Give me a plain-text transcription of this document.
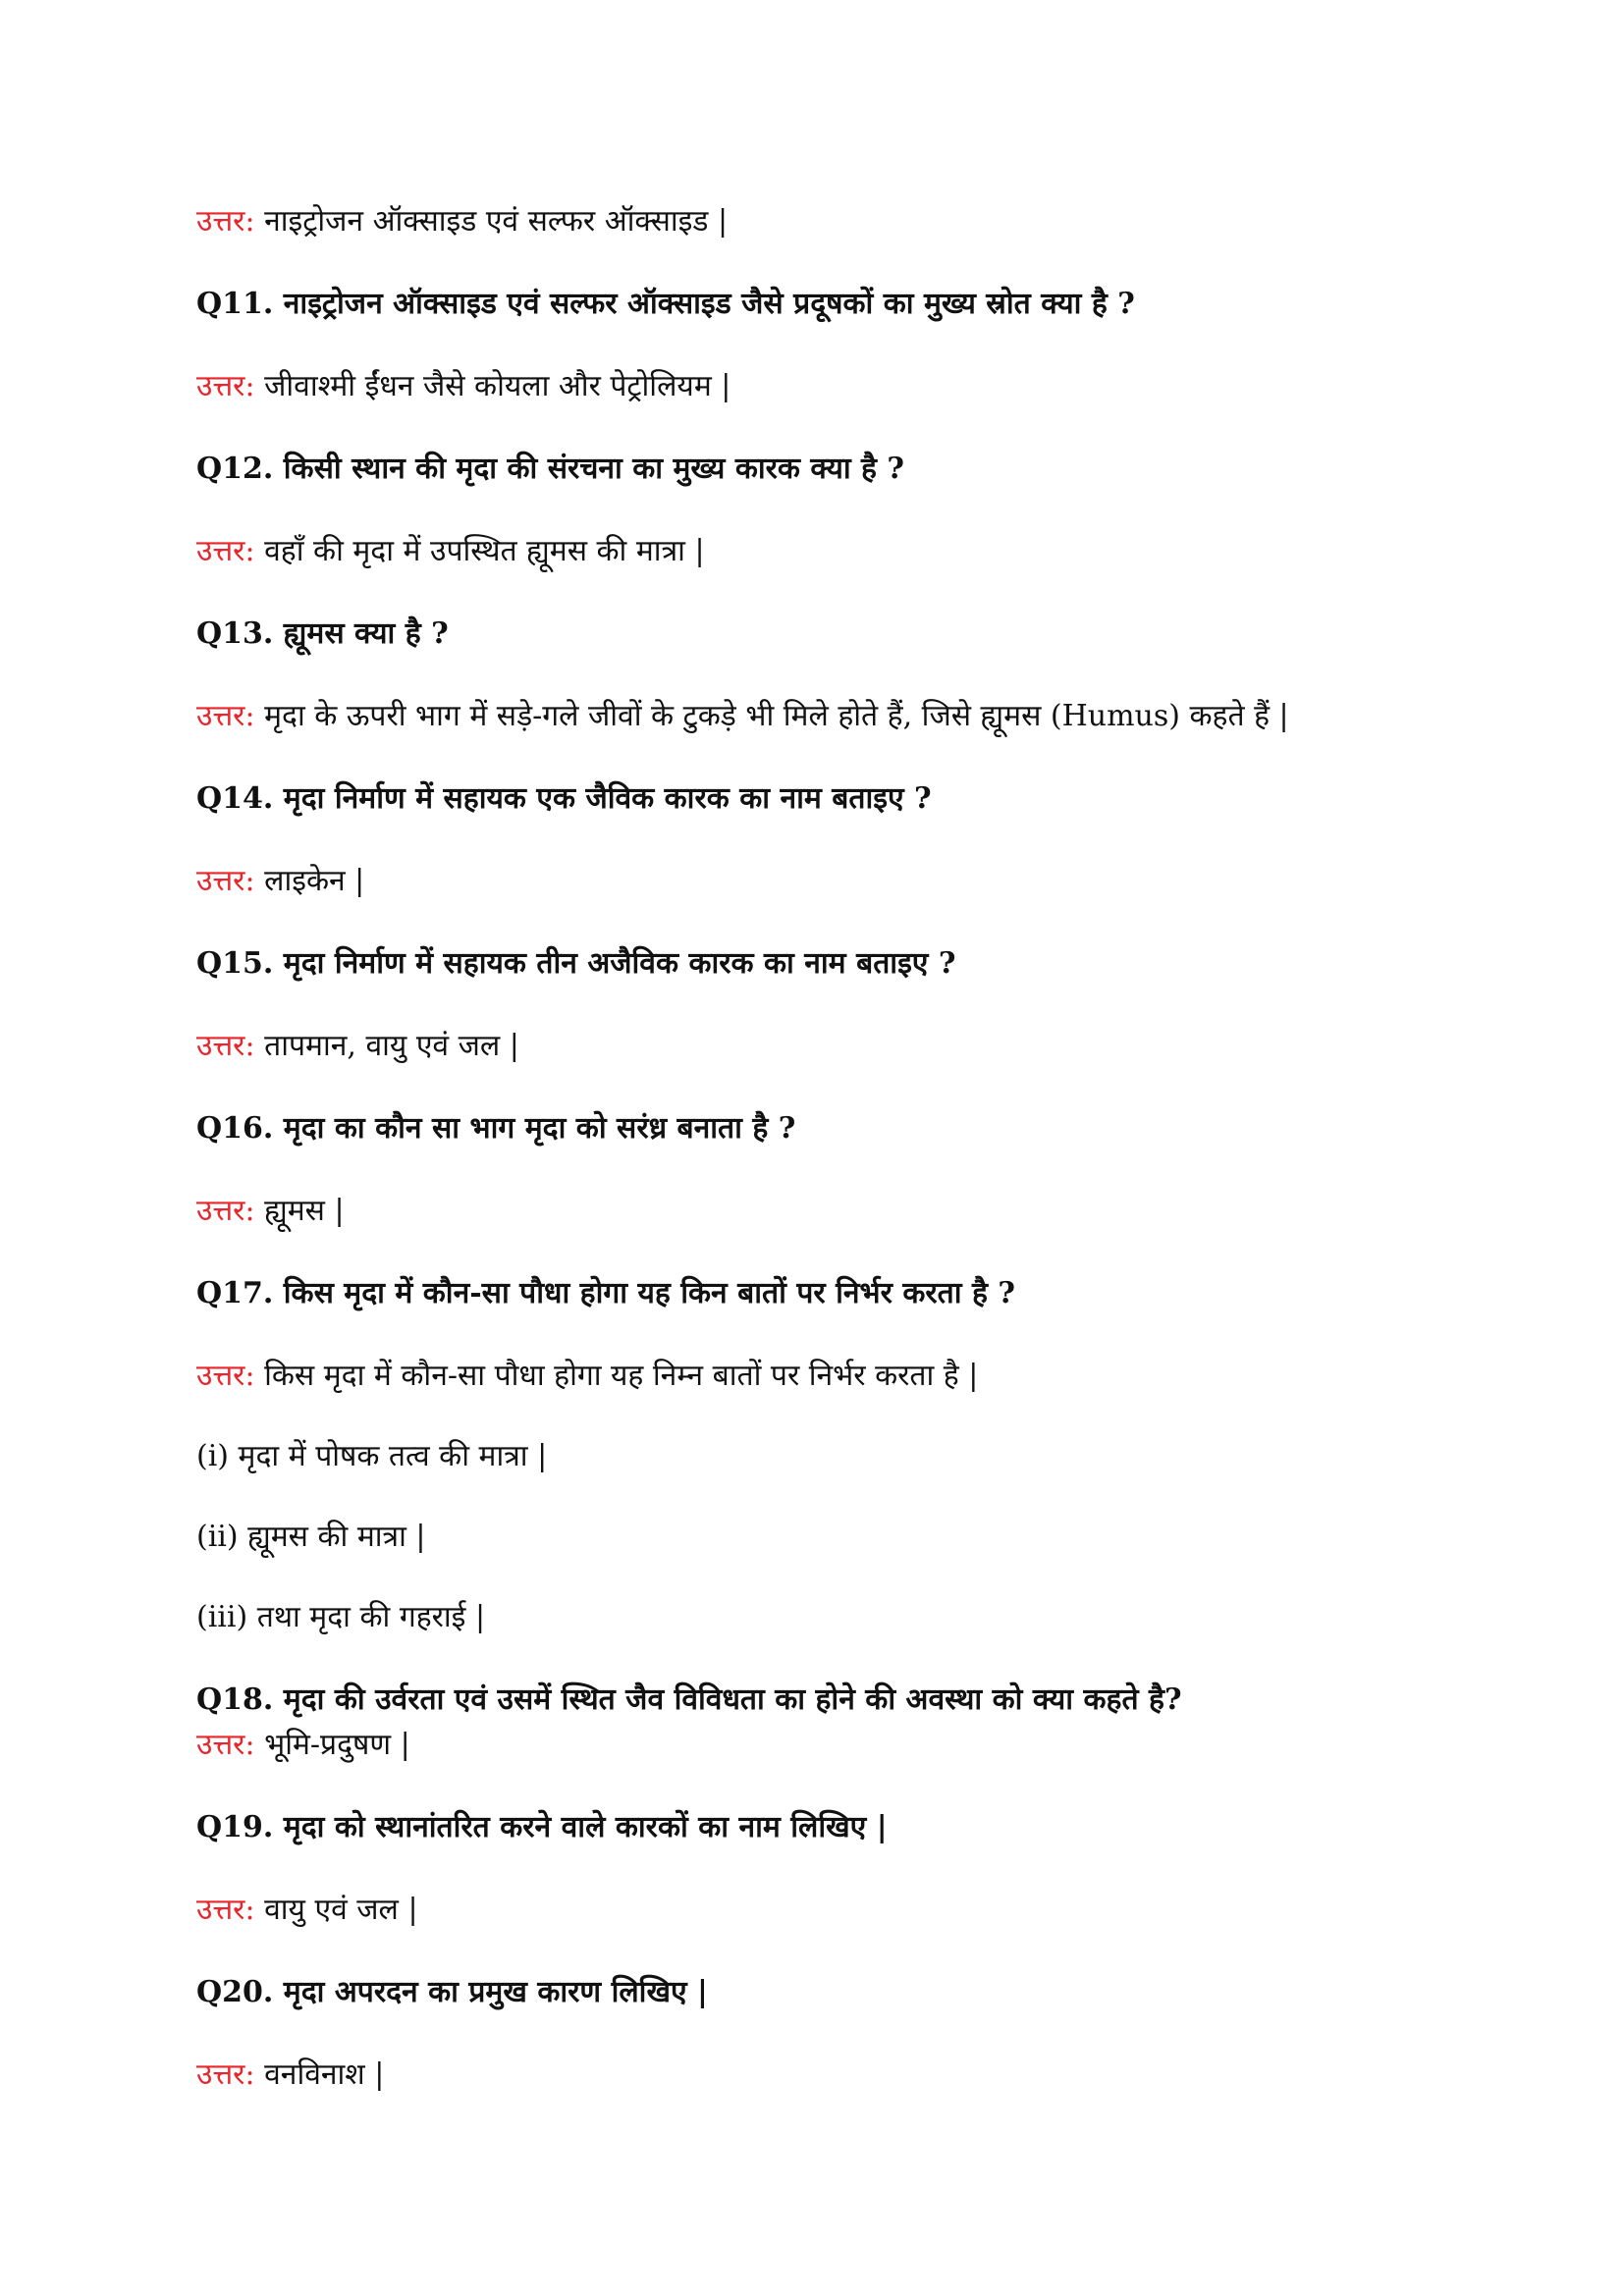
उत्तर: नाइट्रोजन ऑक्साइड एवं सल्फर ऑक्साइड |
Q11. नाइट्रोजन ऑक्साइड एवं सल्फर ऑक्साइड जैसे प्रदूषकों का मुख्य स्रोत क्या है ?
उत्तर: जीवाश्मी ईंधन जैसे कोयला और पेट्रोलियम |
Q12. किसी स्थान की मृदा की संरचना का मुख्य कारक क्या है ?
उत्तर: वहाँ की मृदा में उपस्थित ह्यूमस की मात्रा |
Q13. ह्यूमस क्या है ?
उत्तर: मृदा के ऊपरी भाग में सड़े-गले जीवों के टुकड़े भी मिले होते हैं, जिसे ह्यूमस (Humus) कहते हैं |
Q14. मृदा निर्माण में सहायक एक जैविक कारक का नाम बताइए ?
उत्तर: लाइकेन |
Q15. मृदा निर्माण में सहायक तीन अजैविक कारक का नाम बताइए ?
उत्तर: तापमान, वायु एवं जल |
Q16. मृदा का कौन सा भाग मृदा को सरंध्र बनाता है ?
उत्तर: ह्यूमस |
Q17. किस मृदा में कौन-सा पौधा होगा यह किन बातों पर निर्भर करता है ?
उत्तर: किस मृदा में कौन-सा पौधा होगा यह निम्न बातों पर निर्भर करता है |
(i) मृदा में पोषक तत्व की मात्रा |
(ii) ह्यूमस की मात्रा |
(iii) तथा मृदा की गहराई |
Q18. मृदा की उर्वरता एवं उसमें स्थित जैव विविधता का होने की अवस्था को क्या कहते है?
उत्तर: भूमि-प्रदुषण |
Q19. मृदा को स्थानांतरित करने वाले कारकों का नाम लिखिए |
उत्तर: वायु एवं जल |
Q20. मृदा अपरदन का प्रमुख कारण लिखिए |
उत्तर: वनविनाश |
